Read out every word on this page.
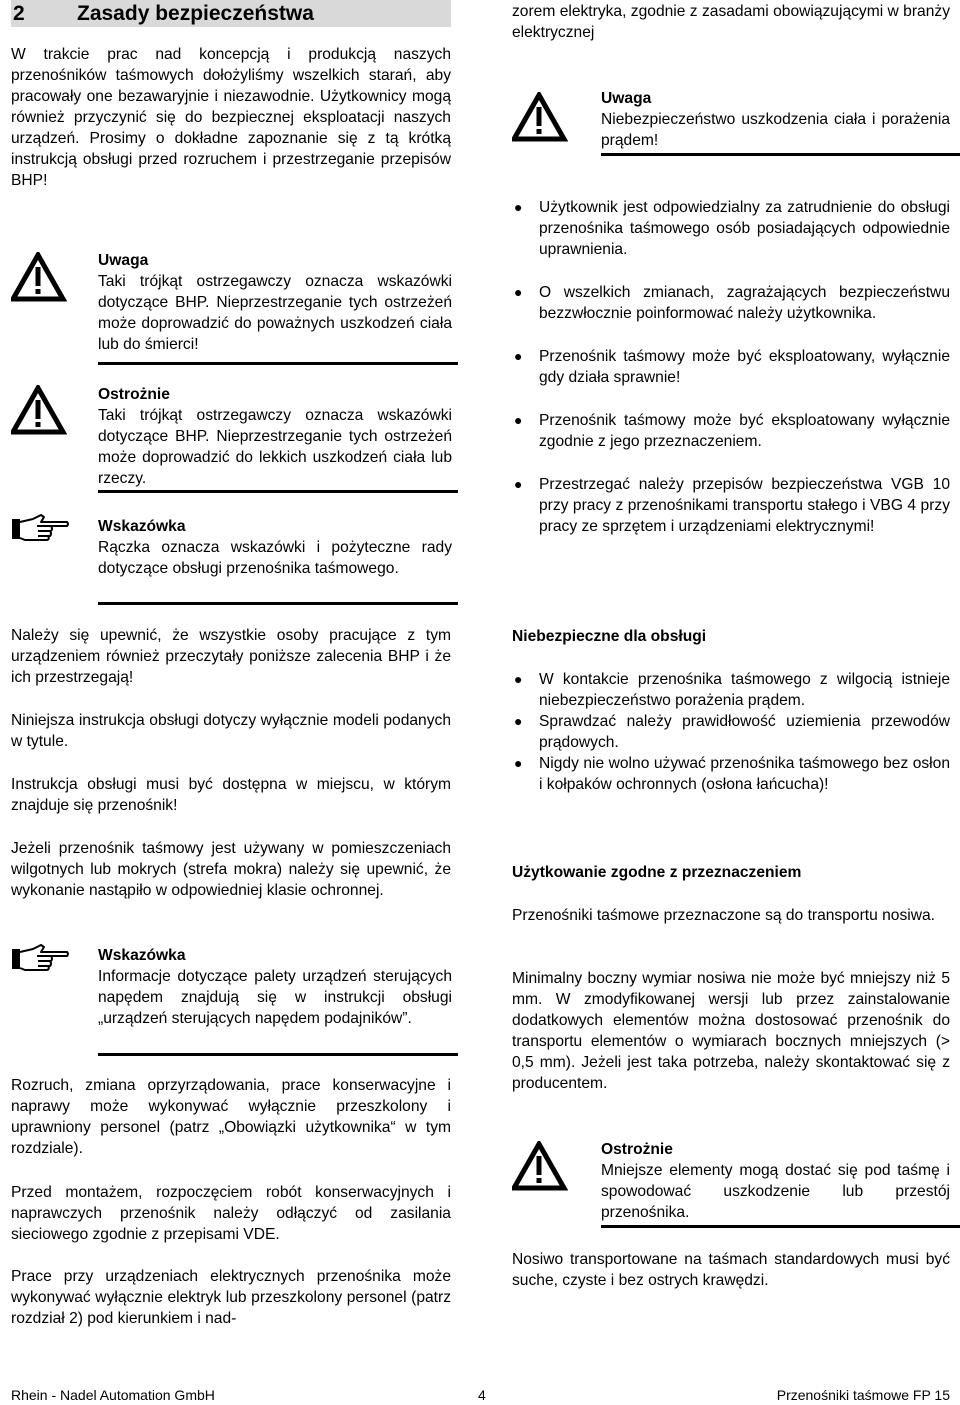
2 Zasady bezpieczeństwa

W trakcie prac nad koncepcją i produkcją naszych przenośników taśmowych dołożyliśmy wszelkich starań, aby pracowały one bezawaryjnie i niezawodnie. Użytkownicy mogą również przyczynić się do bezpiecznej eksploatacji naszych urządzeń. Prosimy o dokładne zapoznanie się z tą krótką instrukcją obsługi przed rozruchem i przestrzeganie przepisów BHP!

Uwaga

Taki trójkąt ostrzegawczy oznacza wskazówki dotyczące BHP. Nieprzestrzeganie tych ostrzeżeń może doprowadzić do poważnych uszkodzeń ciała lub do śmierci!

Ostrożnie

Taki trójkąt ostrzegawczy oznacza wskazówki dotyczące BHP. Nieprzestrzeganie tych ostrzeżeń może doprowadzić do lekkich uszkodzeń ciała lub rzeczy.

Wskazówka

Rączka oznacza wskazówki i pożyteczne rady dotyczące obsługi przenośnika taśmowego.

Należy się upewnić, że wszystkie osoby pracujące z tym urządzeniem również przeczytały poniższe zalecenia BHP i że ich przestrzegają!

Niniejsza instrukcja obsługi dotyczy wyłącznie modeli podanych w tytule.

Instrukcja obsługi musi być dostępna w miejscu, w którym znajduje się przenośnik!

Jeżeli przenośnik taśmowy jest używany w pomieszczeniach wilgotnych lub mokrych (strefa mokra) należy się upewnić, że wykonanie nastąpiło w odpowiedniej klasie ochronnej.

Wskazówka

Informacje dotyczące palety urządzeń sterujących napędem znajdują się w instrukcji obsługi „urządzeń sterujących napędem podajników”.

Rozruch, zmiana oprzyrządowania, prace konserwacyjne i naprawy może wykonywać wyłącznie przeszkolony i uprawniony personel (patrz „Obowiązki użytkownika“ w tym rozdziale).

Przed montażem, rozpoczęciem robót konserwacyjnych i naprawczych przenośnik należy odłączyć od zasilania sieciowego zgodnie z przepisami VDE.

Prace przy urządzeniach elektrycznych przenośnika może wykonywać wyłącznie elektryk lub przeszkolony personel (patrz rozdział 2) pod kierunkiem i nad-

zorem elektryka, zgodnie z zasadami obowiązującymi w branży elektrycznej

Uwaga

Niebezpieczeństwo uszkodzenia ciała i porażenia prądem!

● Użytkownik jest odpowiedzialny za zatrudnienie do obsługi przenośnika taśmowego osób posiadających odpowiednie uprawnienia.
● O wszelkich zmianach, zagrażających bezpieczeństwu bezzwłocznie poinformować należy użytkownika.
● Przenośnik taśmowy może być eksploatowany, wyłącznie gdy działa sprawnie!
● Przenośnik taśmowy może być eksploatowany wyłącznie zgodnie z jego przeznaczeniem.
● Przestrzegać należy przepisów bezpieczeństwa VGB 10 przy pracy z przenośnikami transportu stałego i VBG 4 przy pracy ze sprzętem i urządzeniami elektrycznymi!
Niebezpieczne dla obsługi
● W kontakcie przenośnika taśmowego z wilgocią istnieje niebezpieczeństwo porażenia prądem.
● Sprawdzać należy prawidłowość uziemienia przewodów prądowych.
● Nigdy nie wolno używać przenośnika taśmowego bez osłon i kołpaków ochronnych (osłona łańcucha)!
Użytkowanie zgodne z przeznaczeniem

Przenośniki taśmowe przeznaczone są do transportu nosiwa.

Minimalny boczny wymiar nosiwa nie może być mniejszy niż 5 mm. W zmodyfikowanej wersji lub przez zainstalowanie dodatkowych elementów można dostosować przenośnik do transportu elementów o wymiarach bocznych mniejszych (> 0,5 mm). Jeżeli jest taka potrzeba, należy skontaktować się z producentem.

Ostrożnie

Mniejsze elementy mogą dostać się pod taśmę i spowodować uszkodzenie lub przestój przenośnika.

Nosiwo transportowane na taśmach standardowych musi być suche, czyste i bez ostrych krawędzi.

Rhein - Nadel Automation GmbH	4	Przenośniki taśmowe FP 15
